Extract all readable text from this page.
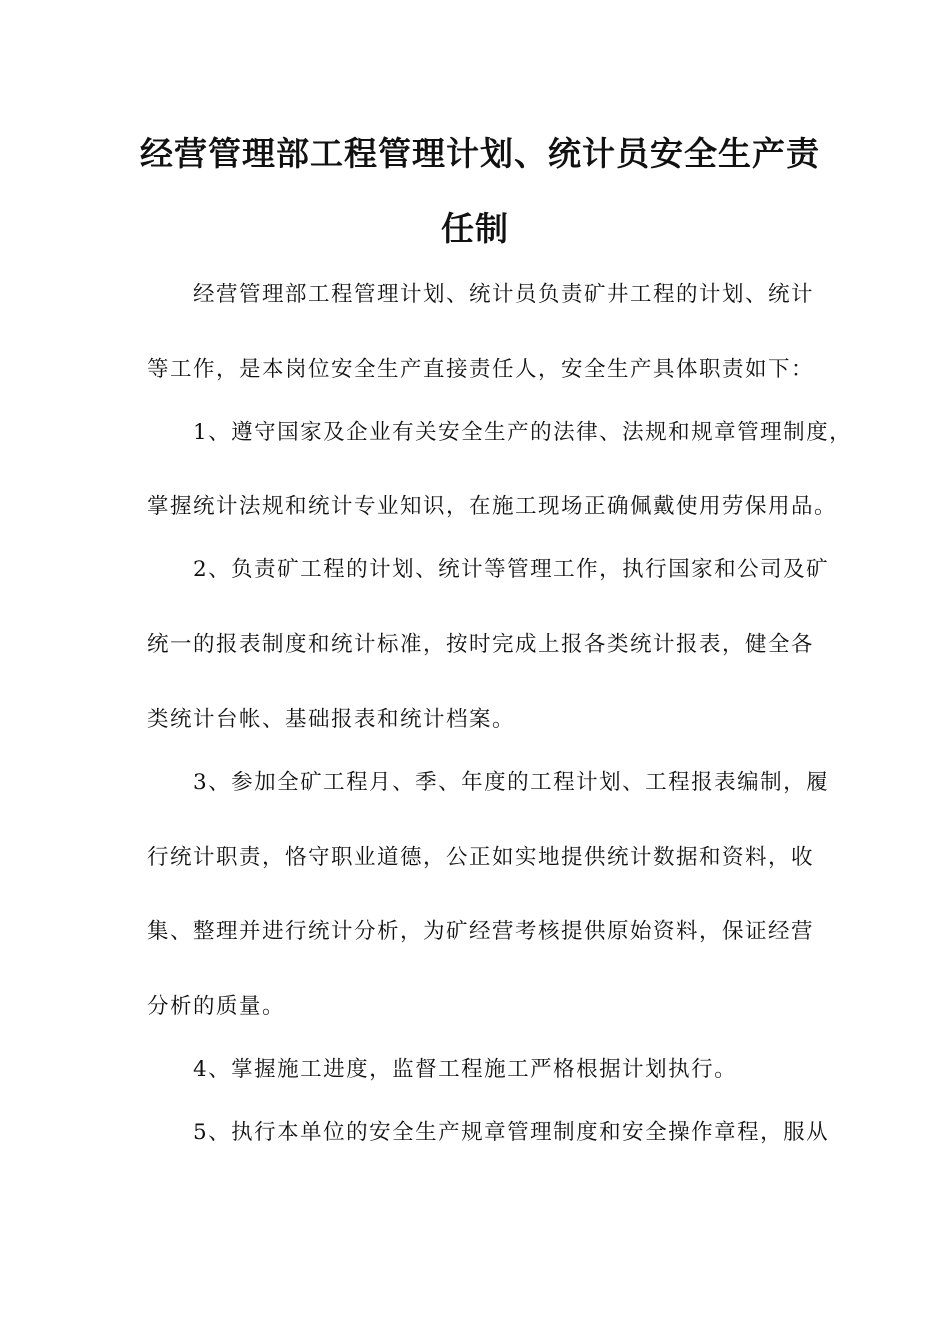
经营管理部工程管理计划、统计员安全生产责
任制
经营管理部工程管理计划、统计员负责矿井工程的计划、统计
等工作，是本岗位安全生产直接责任人，安全生产具体职责如下：
1、遵守国家及企业有关安全生产的法律、法规和规章管理制度，
掌握统计法规和统计专业知识，在施工现场正确佩戴使用劳保用品。
2、负责矿工程的计划、统计等管理工作，执行国家和公司及矿
统一的报表制度和统计标准，按时完成上报各类统计报表，健全各
类统计台帐、基础报表和统计档案。
3、参加全矿工程月、季、年度的工程计划、工程报表编制，履
行统计职责，恪守职业道德，公正如实地提供统计数据和资料，收
集、整理并进行统计分析，为矿经营考核提供原始资料，保证经营
分析的质量。
4、掌握施工进度，监督工程施工严格根据计划执行。
5、执行本单位的安全生产规章管理制度和安全操作章程，服从
